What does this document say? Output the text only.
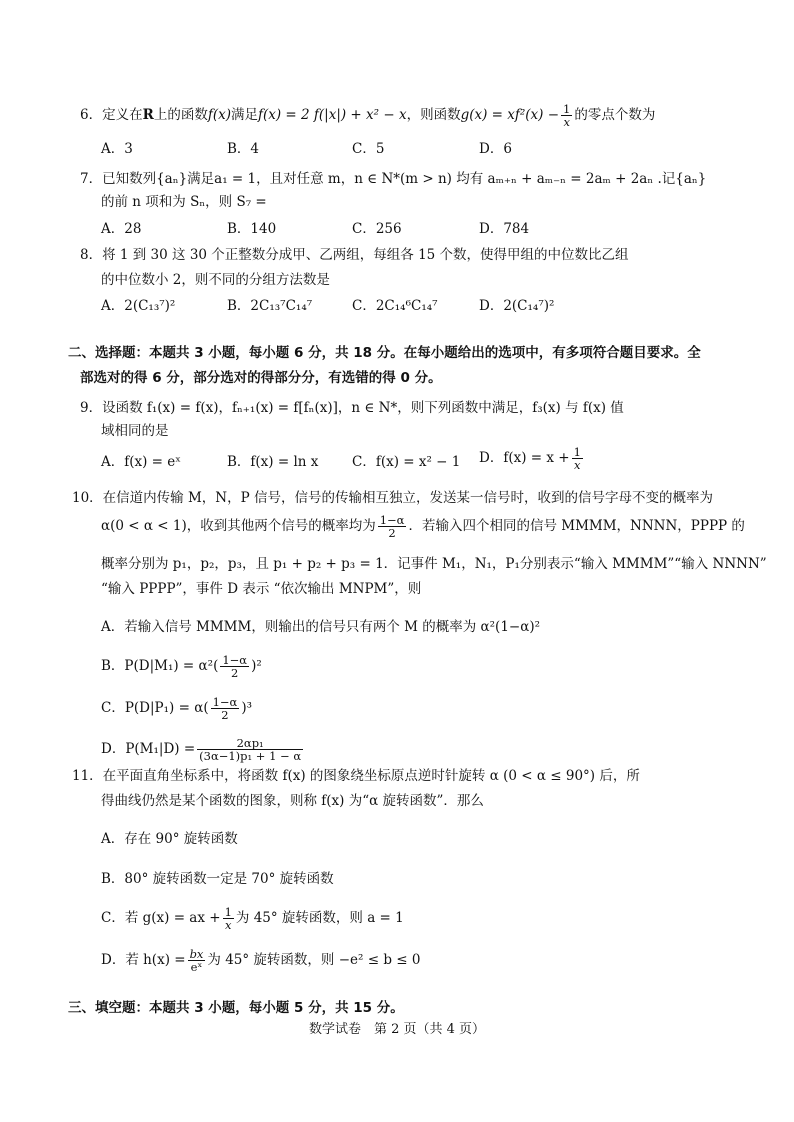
6．定义在R上的函数f(x)满足f(x) = 2 f(|x|) + x² − x，则函数$g(x) = xf^2(x) - \frac{1}{x}$ 的零点个数为
A．3	B．4	C．5	D．6
7．已知数列{aₙ}满足a₁ = 1，且对任意 m，n ∈ N*(m > n) 均有 aₘ₊ₙ + aₘ₋ₙ = 2aₘ + 2aₙ .记{aₙ}
的前 n 项和为 Sₙ，则 S₇ =
A．28	B．140	C．256	D．784
8．将 1 到 30 这 30 个正整数分成甲、乙两组，每组各 15 个数，使得甲组的中位数比乙组
的中位数小 2，则不同的分组方法数是
A．2(C₁₃⁷)²	B．2C₁₃⁷C₁₄⁷	C．2C₁₄⁶C₁₄⁷	D．2(C₁₄⁷)²
二、选择题：本题共 3 小题，每小题 6 分，共 18 分。在每小题给出的选项中，有多项符合题目要求。全
部选对的得 6 分，部分选对的得部分分，有选错的得 0 分。
9．设函数 f₁(x) = f(x)，fₙ₊₁(x) = f[fₙ(x)]，n ∈ N*，则下列函数中满足，f₃(x) 与 f(x) 值
域相同的是
A．f(x) = eˣ	B．f(x) = ln x C．f(x) = x² − 1 D．$f(x) = x + \frac{1}{x}$
10．在信道内传输 M，N，P 信号，信号的传输相互独立，发送某一信号时，收到的信号字母不变的概率为
α(0 < α < 1)，收到其他两个信号的概率均为 $\frac{1-\alpha}{2}$ ．若输入四个相同的信号 MMMM，NNNN，PPPP 的
概率分别为 p₁，p₂，p₃，且 p₁ + p₂ + p₃ = 1．记事件 M₁，N₁，P₁分别表示“输入 MMMM”“输入 NNNN”
“输入 PPPP”，事件 D 表示 “依次输出 MNPM”，则
A．若输入信号 MMMM，则输出的信号只有两个 M 的概率为 α²(1−α)²
B．$P(D|M_1) = \alpha^2( \frac{1-\alpha}{2} )^2$
C．$P(D|P_1) = \alpha( \frac{1-\alpha}{2} )^3$
D．$P(M_1|D) = \frac{\text{2αp₁}}{\text{(3α−1)p₁ + 1 − α}}$
11．在平面直角坐标系中，将函数 f(x) 的图象绕坐标原点逆时针旋转 α (0 < α ≤ 90°) 后，所
得曲线仍然是某个函数的图象，则称 f(x) 为“α 旋转函数”．那么
A．存在 90° 旋转函数
B．80° 旋转函数一定是 70° 旋转函数
C．若 g(x) = ax + $\frac{1}{x}$ 为 45° 旋转函数，则 a = 1
D．若 $h(x) = \frac{bx}{\text{eˣ}}$ 为 45° 旋转函数，则 −e² ≤ b ≤ 0
三、填空题：本题共 3 小题，每小题 5 分，共 15 分。
数学试卷　第 2 页（共 4 页）
